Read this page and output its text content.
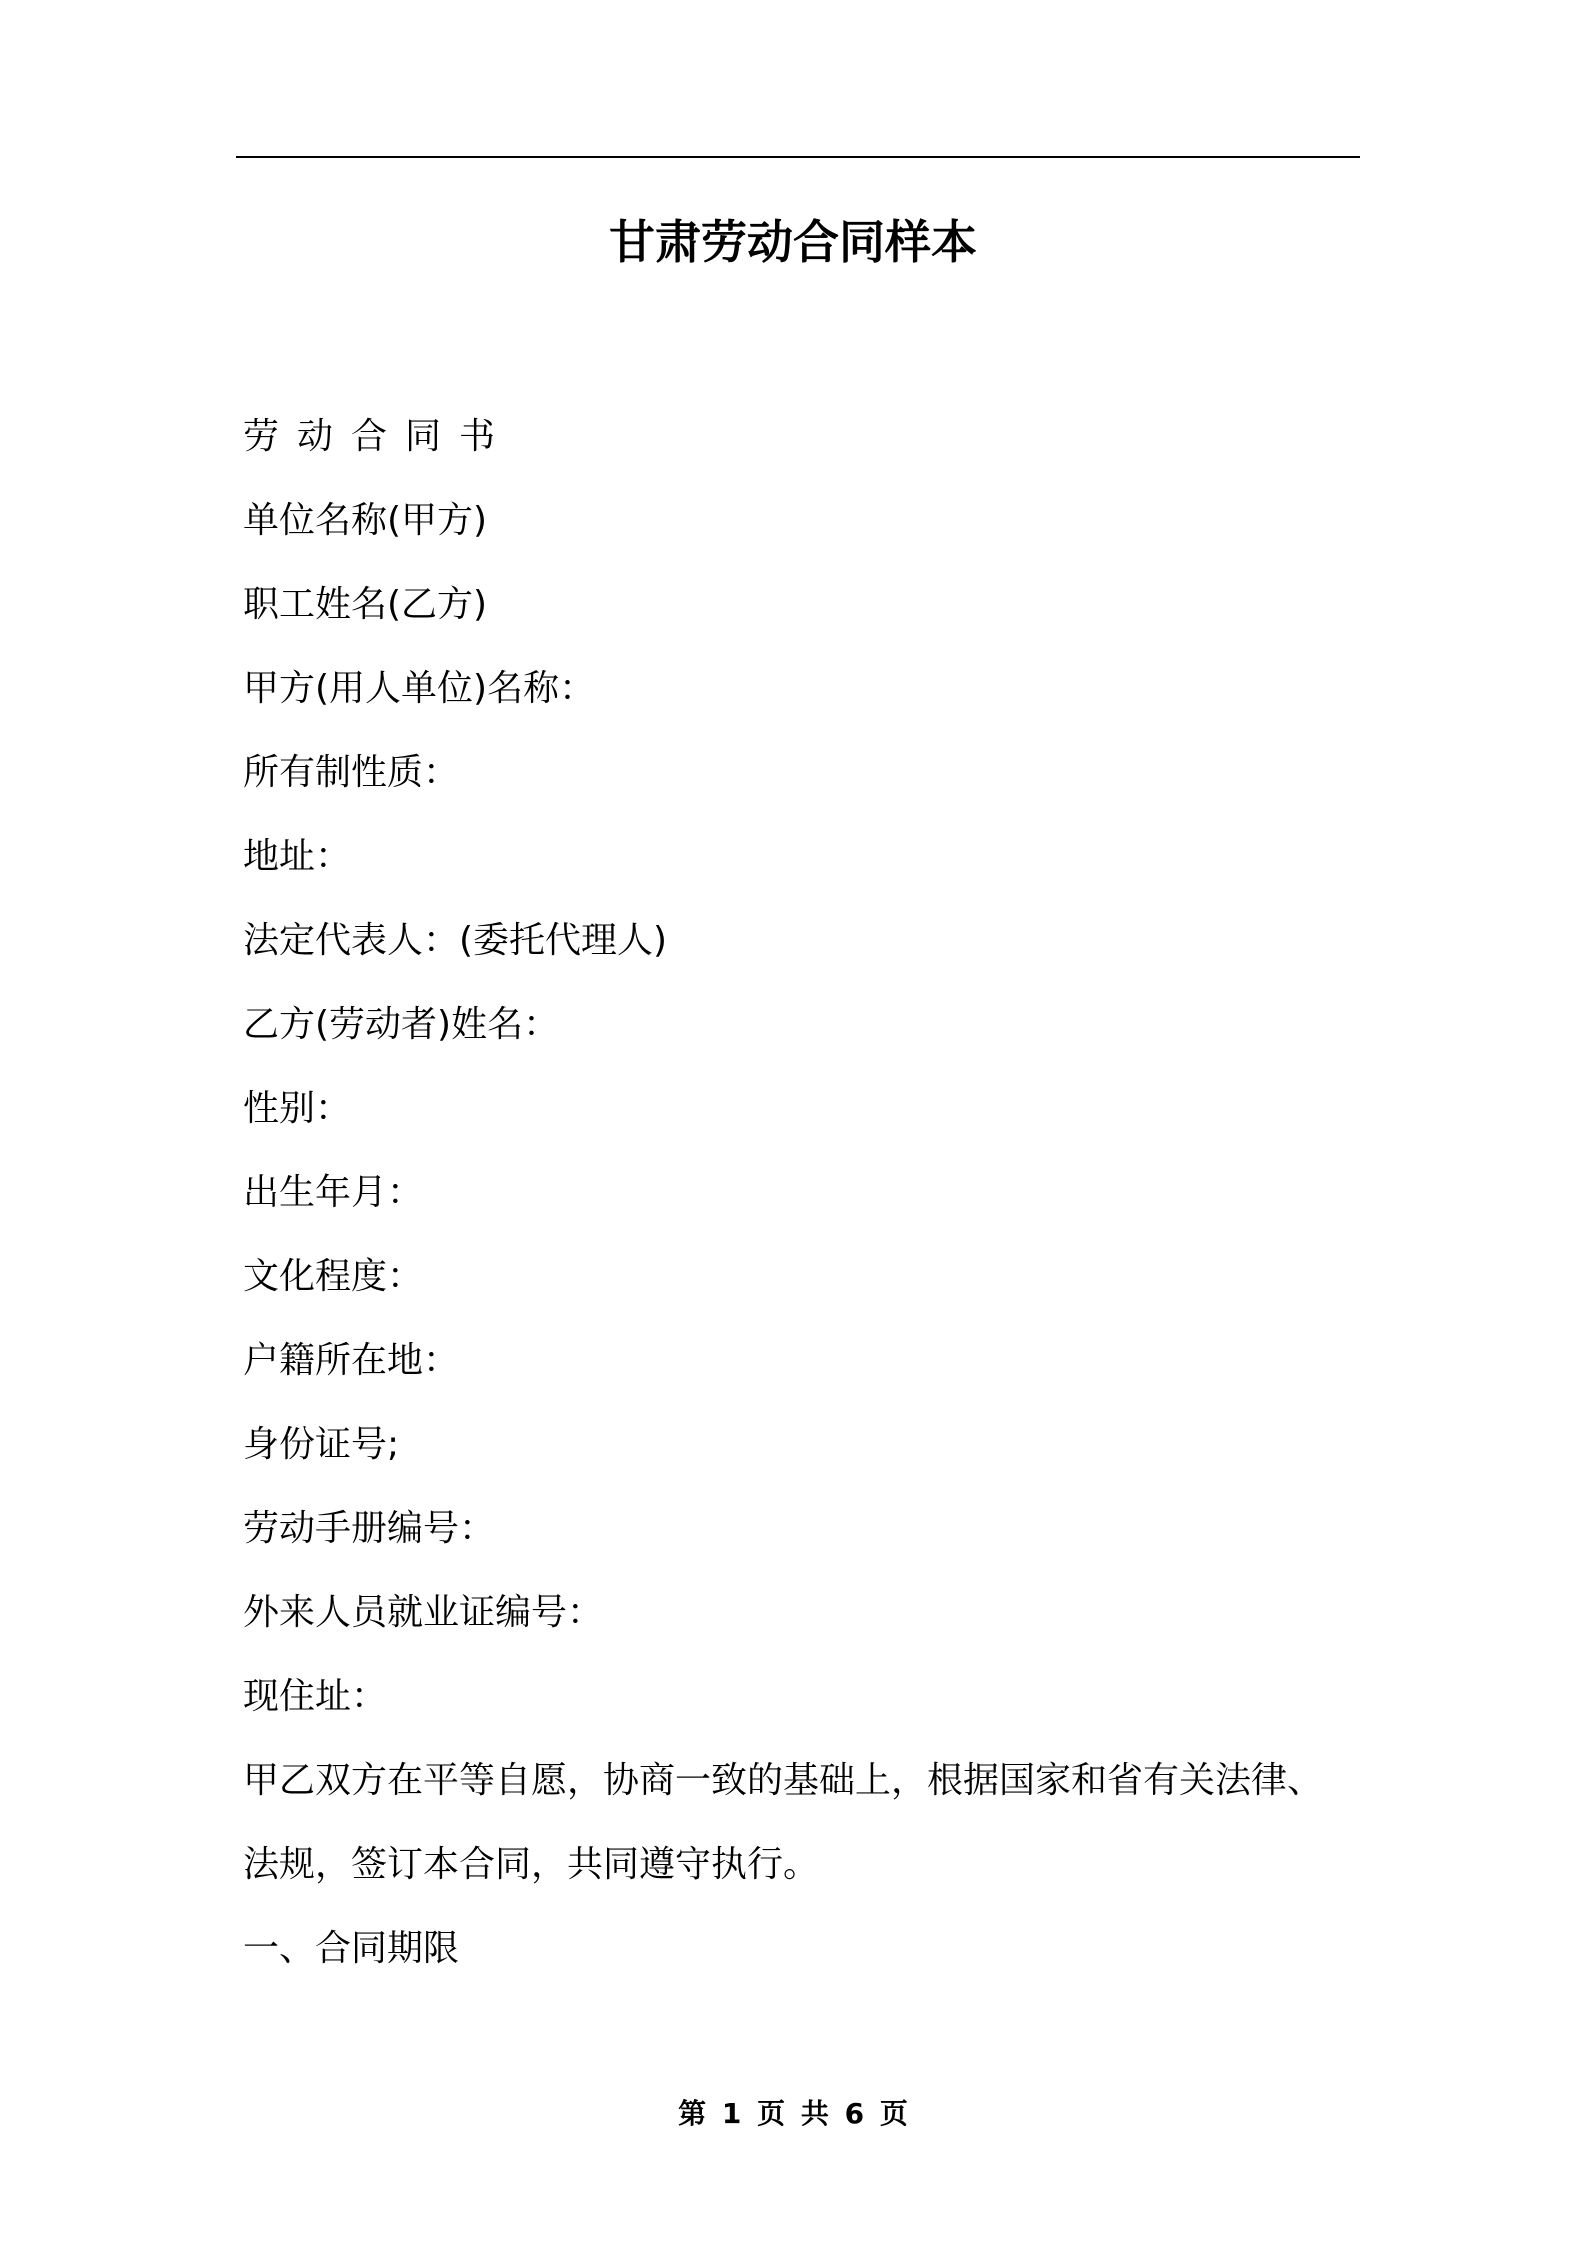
甘肃劳动合同样本
劳动合同书
单位名称(甲方)
职工姓名(乙方)
甲方(用人单位)名称：
所有制性质：
地址：
法定代表人：(委托代理人)
乙方(劳动者)姓名：
性别：
出生年月：
文化程度：
户籍所在地：
身份证号;
劳动手册编号：
外来人员就业证编号：
现住址：
甲乙双方在平等自愿，协商一致的基础上，根据国家和省有关法律、
法规，签订本合同，共同遵守执行。
一、合同期限
第 1 页 共 6 页
